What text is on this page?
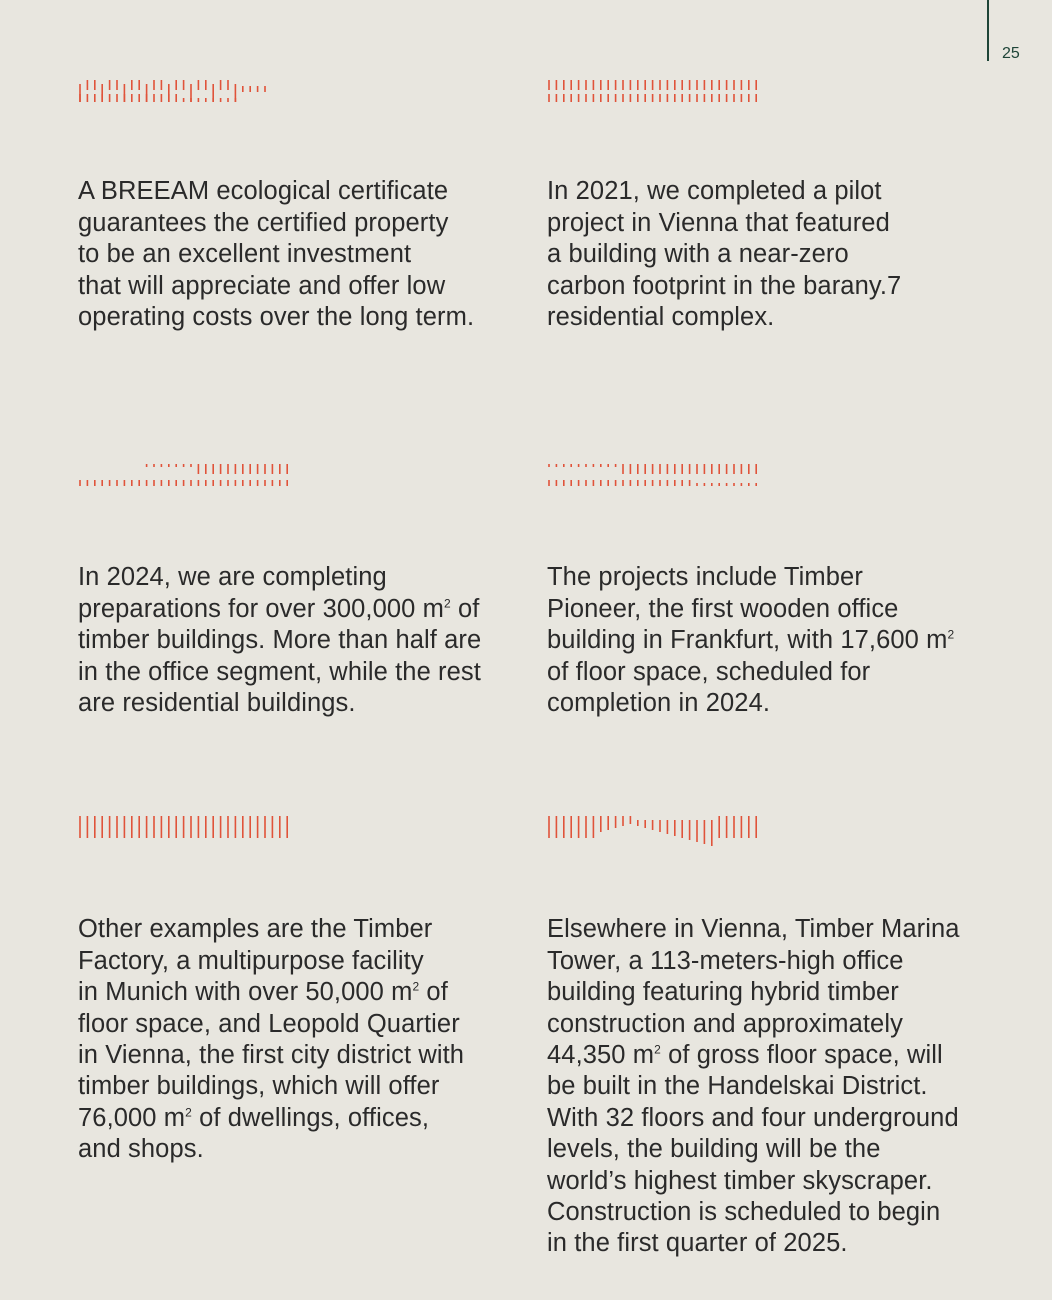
25

A BREEAM ecological certificate
guarantees the certified property
to be an excellent investment
that will appreciate and offer low
operating costs over the long term.

In 2021, we completed a pilot
project in Vienna that featured
a building with a near-zero
carbon footprint in the barany.7
residential complex.

In 2024, we are completing
preparations for over 300,000 $m^2$ of
timber buildings. More than half are
in the office segment, while the rest
are residential buildings.

The projects include Timber
Pioneer, the first wooden office
building in Frankfurt, with 17,600 $m^2$
of floor space, scheduled for
completion in 2024.

Other examples are the Timber
Factory, a multipurpose facility
in Munich with over 50,000 $m^2$ of
floor space, and Leopold Quartier
in Vienna, the first city district with
timber buildings, which will offer
76,000 $m^2$ of dwellings, offices,
and shops.

Elsewhere in Vienna, Timber Marina
Tower, a 113-meters-high office
building featuring hybrid timber
construction and approximately
44,350 $m^2$ of gross floor space, will
be built in the Handelskai District.
With 32 floors and four underground
levels, the building will be the
world’s highest timber skyscraper.
Construction is scheduled to begin
in the first quarter of 2025.
